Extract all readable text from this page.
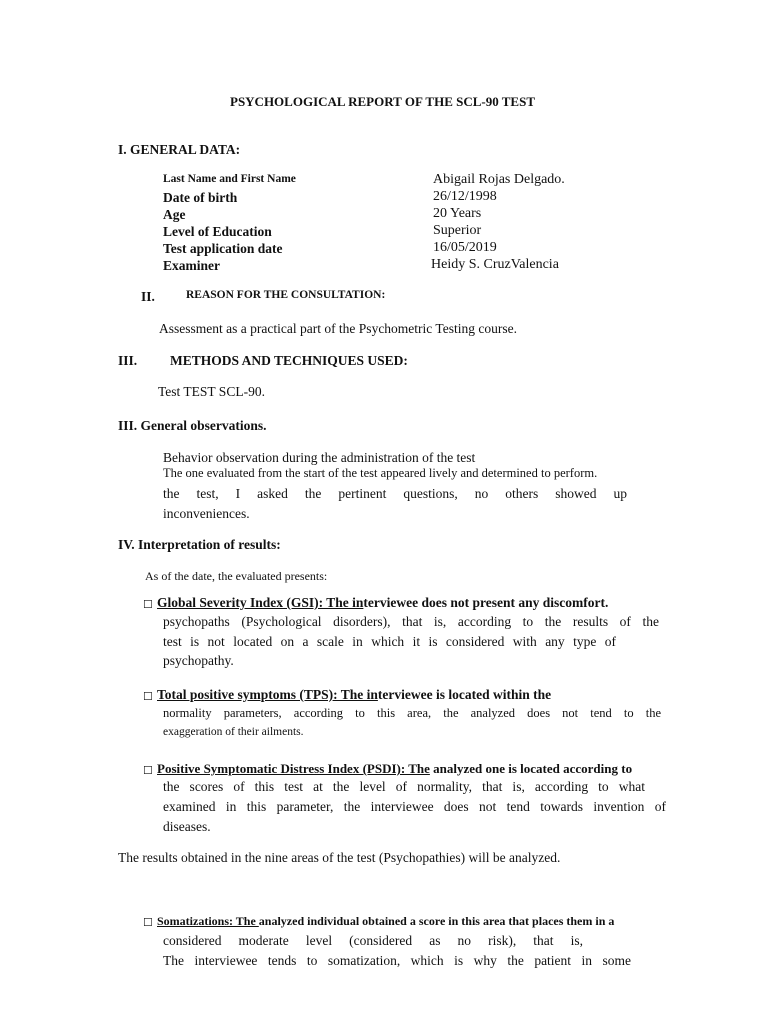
PSYCHOLOGICAL REPORT OF THE SCL-90 TEST
I. GENERAL DATA:
Last Name and First Name	Abigail Rojas Delgado.
Date of birth	26/12/1998
Age	20 Years
Level of Education	Superior
Test application date	16/05/2019
Examiner	Heidy S. CruzValencia
II.	REASON FOR THE CONSULTATION:
Assessment as a practical part of the Psychometric Testing course.
III. METHODS AND TECHNIQUES USED:
Test TEST SCL-90.
III. General observations.
Behavior observation during the administration of the test
The one evaluated from the start of the test appeared lively and determined to perform.
the test, I asked the pertinent questions, no others showed up
inconveniences.
IV. Interpretation of results:
As of the date, the evaluated presents:
☐ Global Severity Index (GSI): The interviewee does not present any discomfort.
psychopaths (Psychological disorders), that is, according to the results of the
test is not located on a scale in which it is considered with any type of
psychopathy.
☐ Total positive symptoms (TPS): The interviewee is located within the
normality parameters, according to this area, the analyzed does not tend to the
exaggeration of their ailments.
☐ Positive Symptomatic Distress Index (PSDI): The analyzed one is located according to
the scores of this test at the level of normality, that is, according to what
examined in this parameter, the interviewee does not tend towards invention of
diseases.
The results obtained in the nine areas of the test (Psychopathies) will be analyzed.
☐ Somatizations: The analyzed individual obtained a score in this area that places them in a
considered moderate level (considered as no risk), that is,
The interviewee tends to somatization, which is why the patient in some
